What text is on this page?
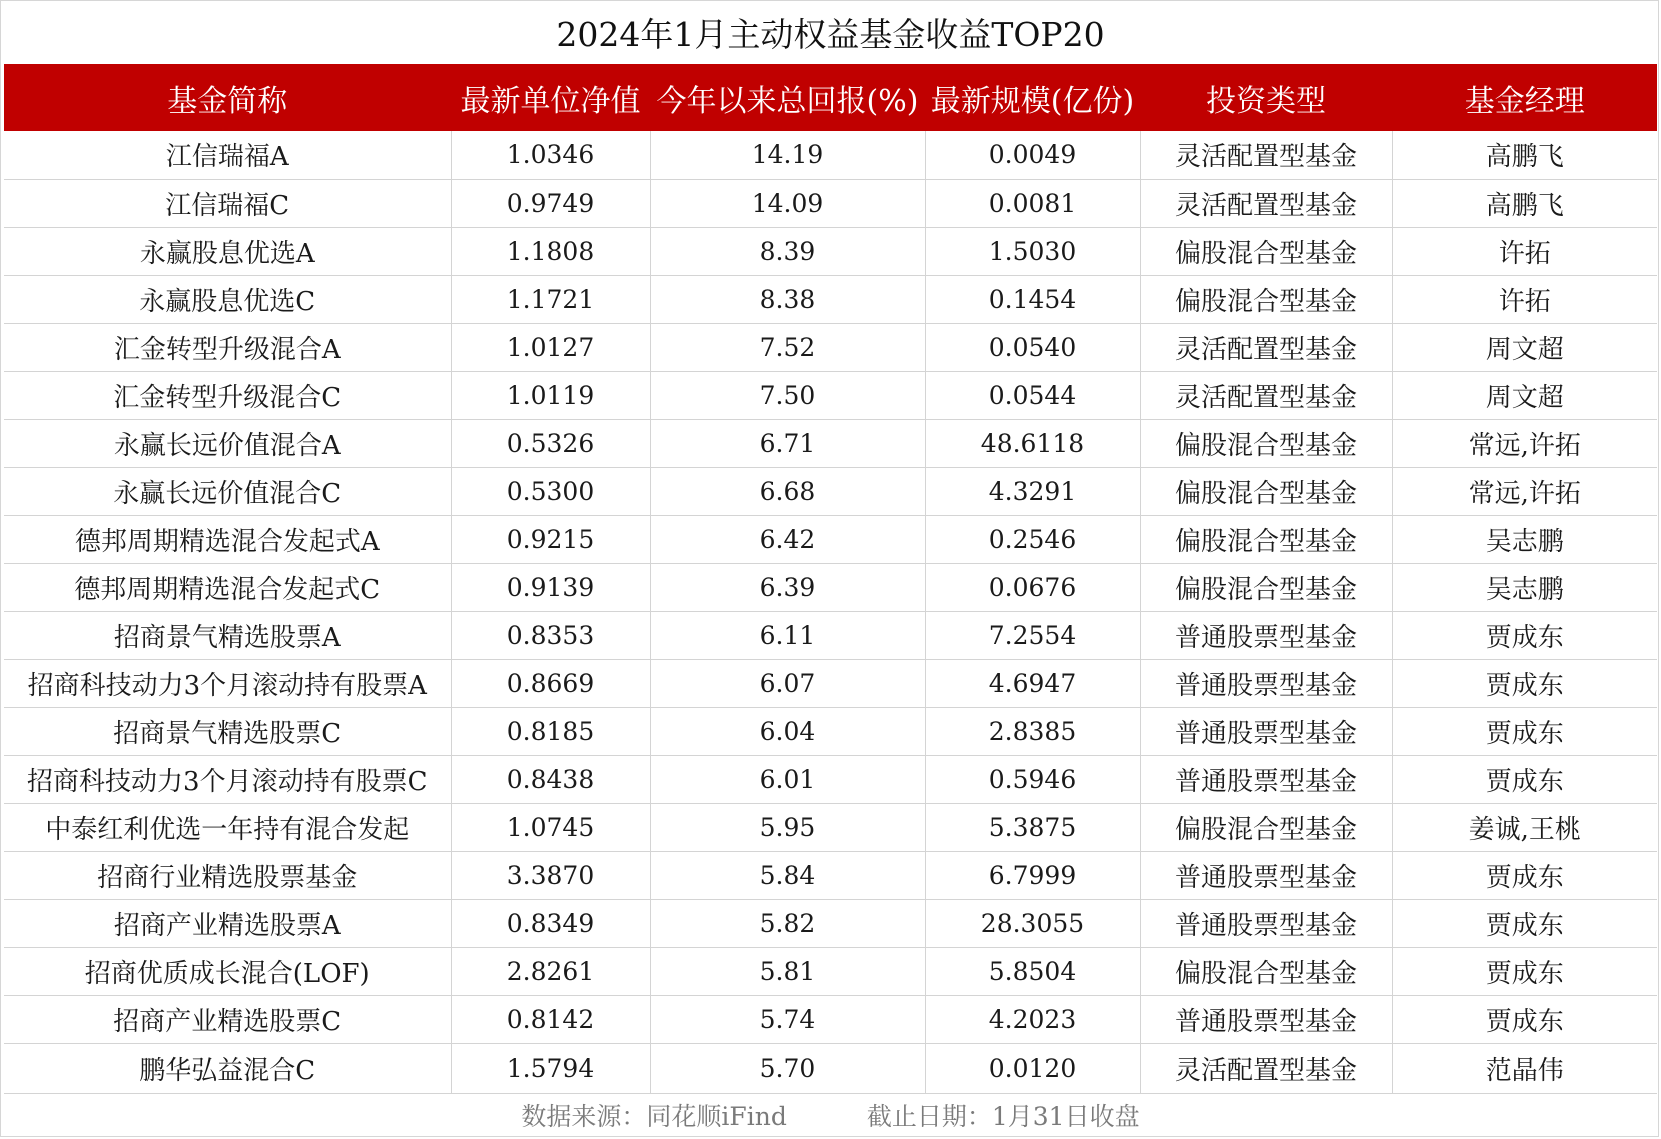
2024年1月主动权益基金收益TOP20
基金简称	最新单位净值	今年以来总回报(%)	最新规模(亿份)	投资类型	基金经理
江信瑞福A	1.0346	14.19	0.0049	灵活配置型基金	高鹏飞
江信瑞福C	0.9749	14.09	0.0081	灵活配置型基金	高鹏飞
永赢股息优选A	1.1808	8.39	1.5030	偏股混合型基金	许拓
永赢股息优选C	1.1721	8.38	0.1454	偏股混合型基金	许拓
汇金转型升级混合A	1.0127	7.52	0.0540	灵活配置型基金	周文超
汇金转型升级混合C	1.0119	7.50	0.0544	灵活配置型基金	周文超
永赢长远价值混合A	0.5326	6.71	48.6118	偏股混合型基金	常远,许拓
永赢长远价值混合C	0.5300	6.68	4.3291	偏股混合型基金	常远,许拓
德邦周期精选混合发起式A	0.9215	6.42	0.2546	偏股混合型基金	吴志鹏
德邦周期精选混合发起式C	0.9139	6.39	0.0676	偏股混合型基金	吴志鹏
招商景气精选股票A	0.8353	6.11	7.2554	普通股票型基金	贾成东
招商科技动力3个月滚动持有股票A	0.8669	6.07	4.6947	普通股票型基金	贾成东
招商景气精选股票C	0.8185	6.04	2.8385	普通股票型基金	贾成东
招商科技动力3个月滚动持有股票C	0.8438	6.01	0.5946	普通股票型基金	贾成东
中泰红利优选一年持有混合发起	1.0745	5.95	5.3875	偏股混合型基金	姜诚,王桃
招商行业精选股票基金	3.3870	5.84	6.7999	普通股票型基金	贾成东
招商产业精选股票A	0.8349	5.82	28.3055	普通股票型基金	贾成东
招商优质成长混合(LOF)	2.8261	5.81	5.8504	偏股混合型基金	贾成东
招商产业精选股票C	0.8142	5.74	4.2023	普通股票型基金	贾成东
鹏华弘益混合C	1.5794	5.70	0.0120	灵活配置型基金	范晶伟
数据来源：同花顺iFind	截止日期：1月31日收盘
